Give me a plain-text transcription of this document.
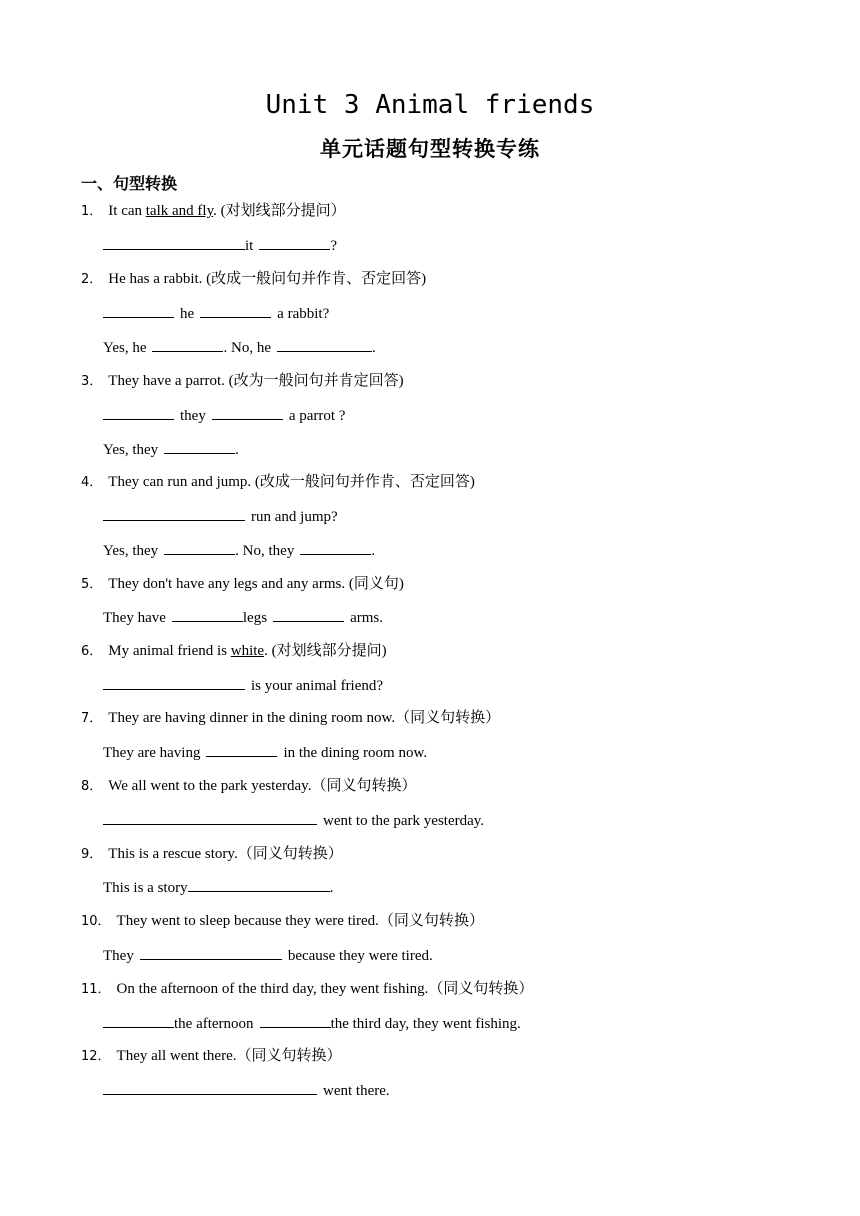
Unit 3 Animal friends
单元话题句型转换专练
一、句型转换
1． It can talk and fly. (对划线部分提问）
it	?
2． He has a rabbit. (改成一般问句并作肯、否定回答)
he	a rabbit?
Yes, he	. No, he	.
3． They have a parrot. (改为一般问句并肯定回答)
they	a parrot ?
Yes, they	.
4． They can run and jump. (改成一般问句并作肯、否定回答)
run and jump?
Yes, they	. No, they	.
5． They don't have any legs and any arms. (同义句)
They have	legs	arms.
6． My animal friend is white. (对划线部分提问)
is your animal friend?
7． They are having dinner in the dining room now.（同义句转换）
They are having	in the dining room now.
8． We all went to the park yesterday.（同义句转换）
went to the park yesterday.
9． This is a rescue story.（同义句转换）
This is a story	.
10． They went to sleep because they were tired.（同义句转换）
They	because they were tired.
11． On the afternoon of the third day, they went fishing.（同义句转换）
the afternoon	the third day, they went fishing.
12． They all went there.（同义句转换）
went there.
